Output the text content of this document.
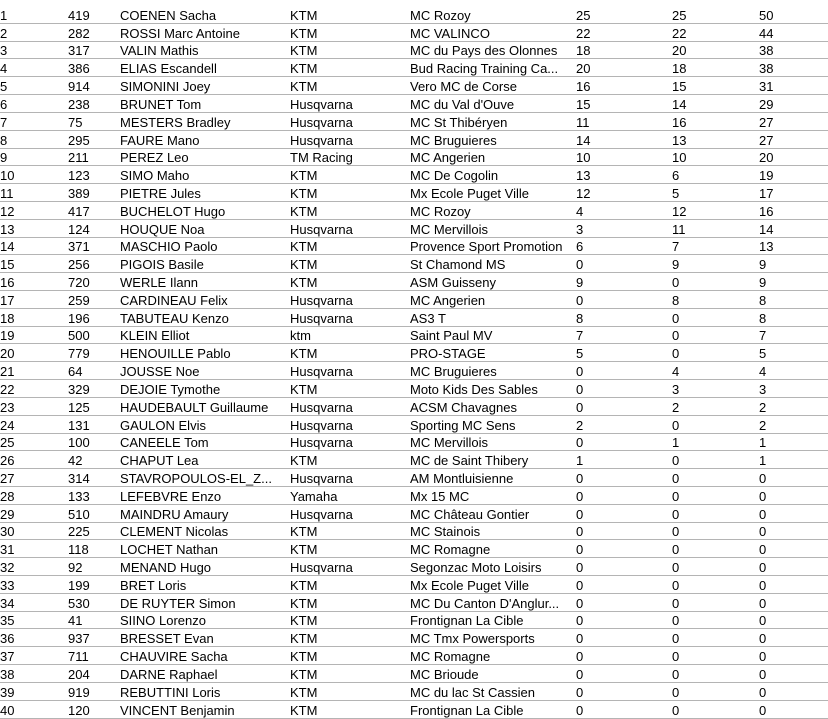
1	419	COENEN Sacha	KTM	MC Rozoy	25	25	50
2	282	ROSSI Marc Antoine	KTM	MC VALINCO	22	22	44
3	317	VALIN Mathis	KTM	MC du Pays des Olonnes	18	20	38
4	386	ELIAS Escandell	KTM	Bud Racing Training Ca...	20	18	38
5	914	SIMONINI Joey	KTM	Vero MC de Corse	16	15	31
6	238	BRUNET Tom	Husqvarna	MC du Val d'Ouve	15	14	29
7	75	MESTERS Bradley	Husqvarna	MC St Thibéryen	11	16	27
8	295	FAURE Mano	Husqvarna	MC Bruguieres	14	13	27
9	211	PEREZ Leo	TM Racing	MC Angerien	10	10	20
10	123	SIMO Maho	KTM	MC De Cogolin	13	6	19
11	389	PIETRE Jules	KTM	Mx Ecole Puget Ville	12	5	17
12	417	BUCHELOT Hugo	KTM	MC Rozoy	4	12	16
13	124	HOUQUE Noa	Husqvarna	MC Mervillois	3	11	14
14	371	MASCHIO Paolo	KTM	Provence Sport Promotion	6	7	13
15	256	PIGOIS Basile	KTM	St Chamond MS	0	9	9
16	720	WERLE Ilann	KTM	ASM Guisseny	9	0	9
17	259	CARDINEAU Felix	Husqvarna	MC Angerien	0	8	8
18	196	TABUTEAU Kenzo	Husqvarna	AS3 T	8	0	8
19	500	KLEIN Elliot	ktm	Saint Paul MV	7	0	7
20	779	HENOUILLE Pablo	KTM	PRO-STAGE	5	0	5
21	64	JOUSSE Noe	Husqvarna	MC Bruguieres	0	4	4
22	329	DEJOIE Tymothe	KTM	Moto Kids Des Sables	0	3	3
23	125	HAUDEBAULT Guillaume	Husqvarna	ACSM Chavagnes	0	2	2
24	131	GAULON Elvis	Husqvarna	Sporting MC Sens	2	0	2
25	100	CANEELE Tom	Husqvarna	MC Mervillois	0	1	1
26	42	CHAPUT Lea	KTM	MC de Saint Thibery	1	0	1
27	314	STAVROPOULOS-EL_Z...	Husqvarna	AM Montluisienne	0	0	0
28	133	LEFEBVRE Enzo	Yamaha	Mx 15 MC	0	0	0
29	510	MAINDRU Amaury	Husqvarna	MC Château Gontier	0	0	0
30	225	CLEMENT Nicolas	KTM	MC Stainois	0	0	0
31	118	LOCHET Nathan	KTM	MC Romagne	0	0	0
32	92	MENAND Hugo	Husqvarna	Segonzac Moto Loisirs	0	0	0
33	199	BRET Loris	KTM	Mx Ecole Puget Ville	0	0	0
34	530	DE RUYTER Simon	KTM	MC Du Canton D'Anglur...	0	0	0
35	41	SIINO Lorenzo	KTM	Frontignan La Cible	0	0	0
36	937	BRESSET Evan	KTM	MC Tmx Powersports	0	0	0
37	711	CHAUVIRE Sacha	KTM	MC Romagne	0	0	0
38	204	DARNE Raphael	KTM	MC Brioude	0	0	0
39	919	REBUTTINI Loris	KTM	MC du lac St Cassien	0	0	0
40	120	VINCENT Benjamin	KTM	Frontignan La Cible	0	0	0
